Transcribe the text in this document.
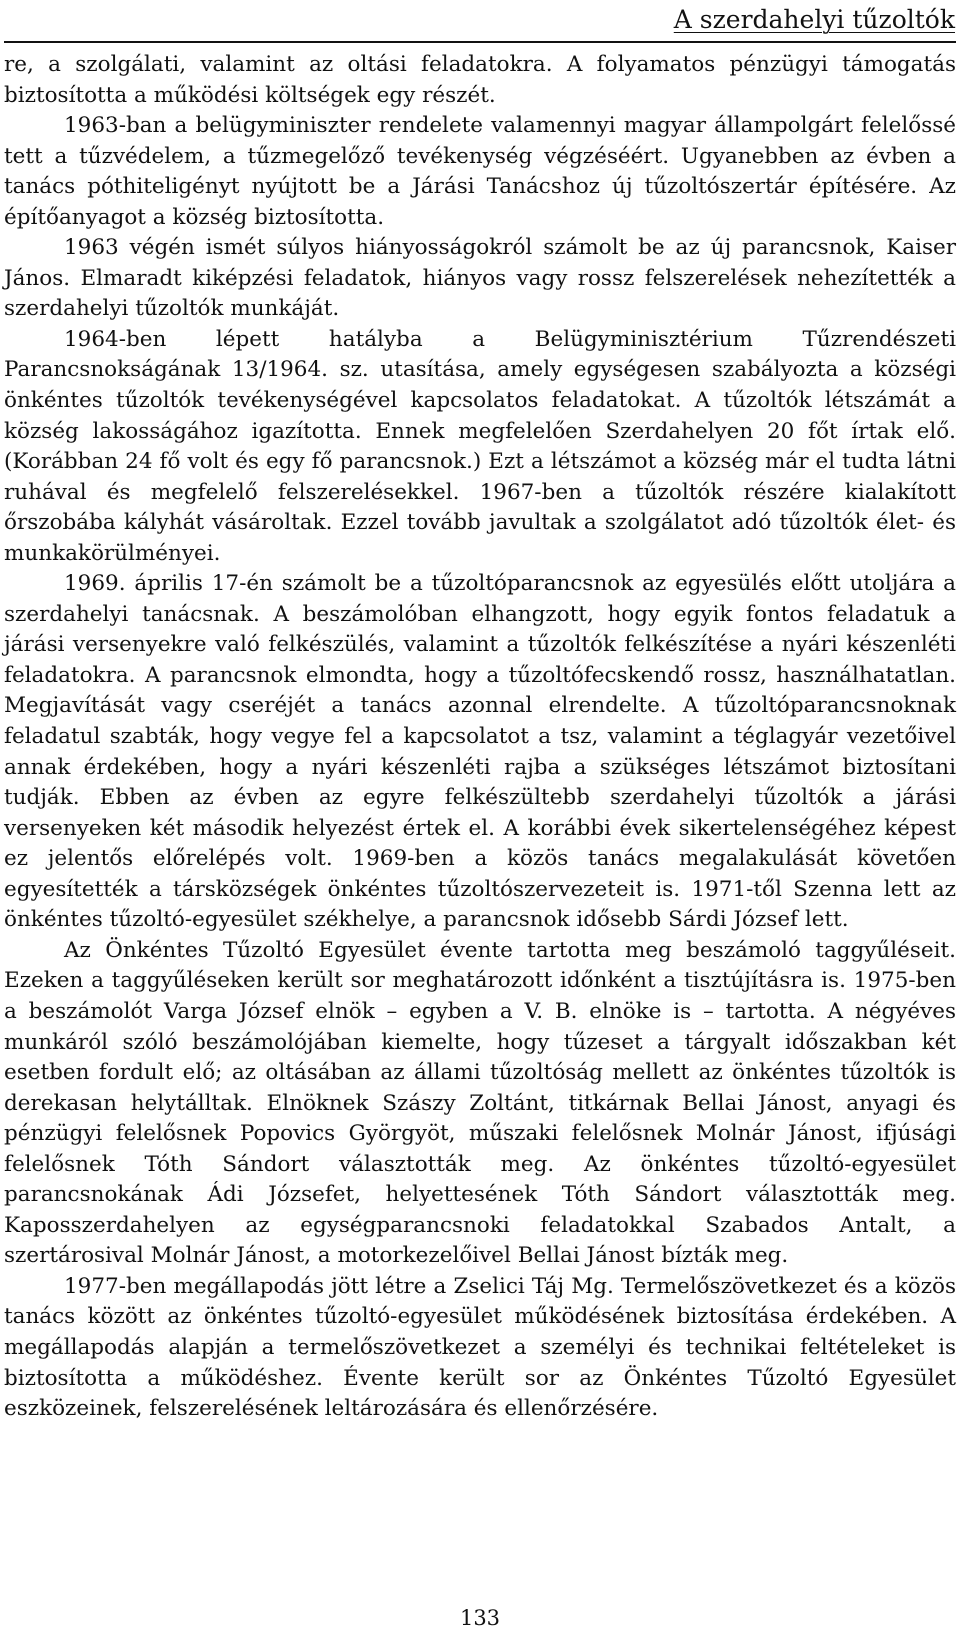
A szerdahelyi tűzoltók

re, a szolgálati, valamint az oltási feladatokra. A folyamatos pénzügyi támogatás biztosította a működési költségek egy részét.

1963-ban a belügyminiszter rendelete valamennyi magyar állampolgárt felelőssé tett a tűzvédelem, a tűzmegelőző tevékenység végzéséért. Ugyanebben az évben a tanács póthiteligényt nyújtott be a Járási Tanácshoz új tűzoltószertár építésére. Az építőanyagot a község biztosította.

1963 végén ismét súlyos hiányosságokról számolt be az új parancsnok, Kaiser János. Elmaradt kiképzési feladatok, hiányos vagy rossz felszerelések nehezítették a szerdahelyi tűzoltók munkáját.

1964-ben lépett hatályba a Belügyminisztérium Tűzrendészeti Parancsnokságának 13/1964. sz. utasítása, amely egységesen szabályozta a községi önkéntes tűzoltók tevékenységével kapcsolatos feladatokat. A tűzoltók létszámát a község lakosságához igazította. Ennek megfelelően Szerdahelyen 20 főt írtak elő. (Korábban 24 fő volt és egy fő parancsnok.) Ezt a létszámot a község már el tudta látni ruhával és megfelelő felszerelésekkel. 1967-ben a tűzoltók részére kialakított őrszobába kályhát vásároltak. Ezzel tovább javultak a szolgálatot adó tűzoltók élet- és munkakörülményei.

1969. április 17-én számolt be a tűzoltóparancsnok az egyesülés előtt utoljára a szerdahelyi tanácsnak. A beszámolóban elhangzott, hogy egyik fontos feladatuk a járási versenyekre való felkészülés, valamint a tűzoltók felkészítése a nyári készenléti feladatokra. A parancsnok elmondta, hogy a tűzoltófecskendő rossz, használhatatlan. Megjavítását vagy cseréjét a tanács azonnal elrendelte. A tűzoltóparancsnoknak feladatul szabták, hogy vegye fel a kapcsolatot a tsz, valamint a téglagyár vezetőivel annak érdekében, hogy a nyári készenléti rajba a szükséges létszámot biztosítani tudják. Ebben az évben az egyre felkészültebb szerdahelyi tűzoltók a járási versenyeken két második helyezést értek el. A korábbi évek sikertelenségéhez képest ez jelentős előrelépés volt. 1969-ben a közös tanács megalakulását követően egyesítették a társközségek önkéntes tűzoltószervezeteit is. 1971-től Szenna lett az önkéntes tűzoltó-egyesület székhelye, a parancsnok idősebb Sárdi József lett.

Az Önkéntes Tűzoltó Egyesület évente tartotta meg beszámoló taggyűléseit. Ezeken a taggyűléseken került sor meghatározott időnként a tisztújításra is. 1975-ben a beszámolót Varga József elnök – egyben a V. B. elnöke is – tartotta. A négyéves munkáról szóló beszámolójában kiemelte, hogy tűzeset a tárgyalt időszakban két esetben fordult elő; az oltásában az állami tűzoltóság mellett az önkéntes tűzoltók is derekasan helytálltak. Elnöknek Szászy Zoltánt, titkárnak Bellai Jánost, anyagi és pénzügyi felelősnek Popovics Györgyöt, műszaki felelősnek Molnár Jánost, ifjúsági felelősnek Tóth Sándort választották meg. Az önkéntes tűzoltó-egyesület parancsnokának Ádi Józsefet, helyettesének Tóth Sándort választották meg. Kaposszerdahelyen az egységparancsnoki feladatokkal Szabados Antalt, a szertárosival Molnár Jánost, a motorkezelőivel Bellai Jánost bízták meg.

1977-ben megállapodás jött létre a Zselici Táj Mg. Termelőszövetkezet és a közös tanács között az önkéntes tűzoltó-egyesület működésének biztosítása érdekében. A megállapodás alapján a termelőszövetkezet a személyi és technikai feltételeket is biztosította a működéshez. Évente került sor az Önkéntes Tűzoltó Egyesület eszközeinek, felszerelésének leltározására és ellenőrzésére.

133
